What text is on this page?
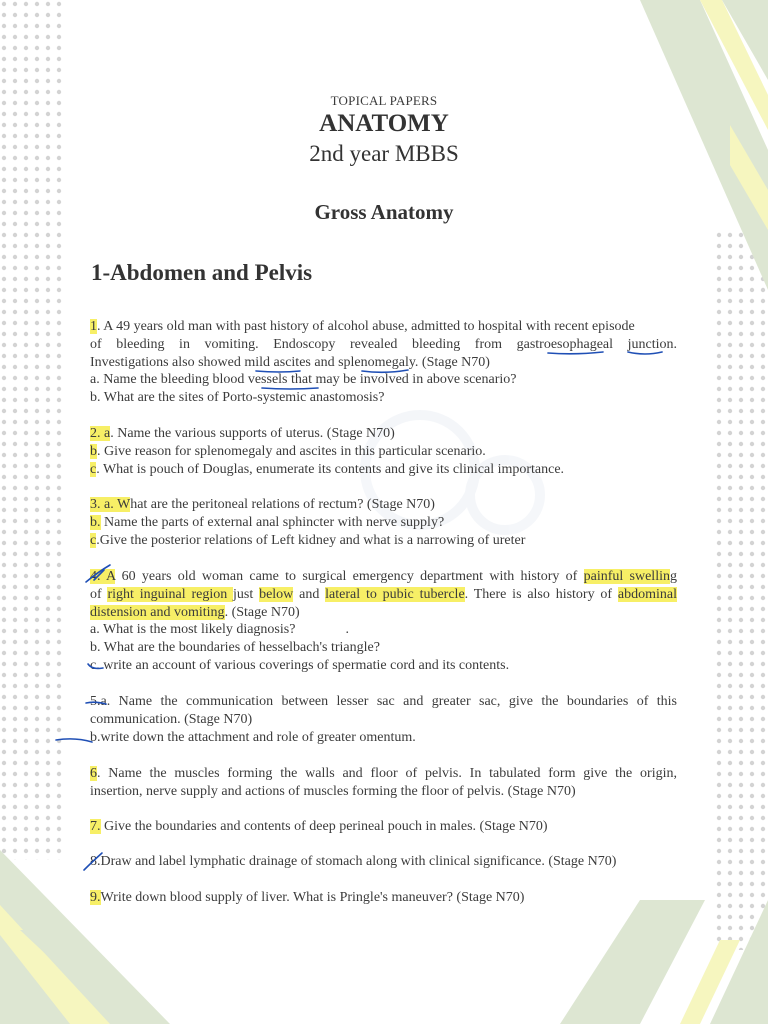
TOPICAL PAPERS
ANATOMY
2nd year MBBS
Gross Anatomy
1-Abdomen and Pelvis

1. A 49 years old man with past history of alcohol abuse, admitted to hospital with recent episode

of bleeding in vomiting. Endoscopy revealed bleeding from gastroesophageal junction.

Investigations also showed mild ascites and splenomegaly. (Stage N70)

a. Name the bleeding blood vessels that may be involved in above scenario?

b. What are the sites of Porto-systemic anastomosis?

2. a. Name the various supports of uterus. (Stage N70)

b. Give reason for splenomegaly and ascites in this particular scenario.

c. What is pouch of Douglas, enumerate its contents and give its clinical importance.

3. a. What are the peritoneal relations of rectum? (Stage N70)

b. Name the parts of external anal sphincter with nerve supply?

c.Give the posterior relations of Left kidney and what is a narrowing of ureter

4. A 60 years old woman came to surgical emergency department with history of painful swelling

of right inguinal region just below and lateral to pubic tubercle. There is also history of abdominal

distension and vomiting. (Stage N70)

a. What is the most likely diagnosis?	.

b. What are the boundaries of hesselbach's triangle?

c. write an account of various coverings of spermatie cord and its contents.

5.a. Name the communication between lesser sac and greater sac, give the boundaries of this

communication. (Stage N70)

b.write down the attachment and role of greater omentum.

6. Name the muscles forming the walls and floor of pelvis. In tabulated form give the origin,

insertion, nerve supply and actions of muscles forming the floor of pelvis. (Stage N70)

7. Give the boundaries and contents of deep perineal pouch in males. (Stage N70)

8.Draw and label lymphatic drainage of stomach along with clinical significance. (Stage N70)

9.Write down blood supply of liver. What is Pringle's maneuver? (Stage N70)
